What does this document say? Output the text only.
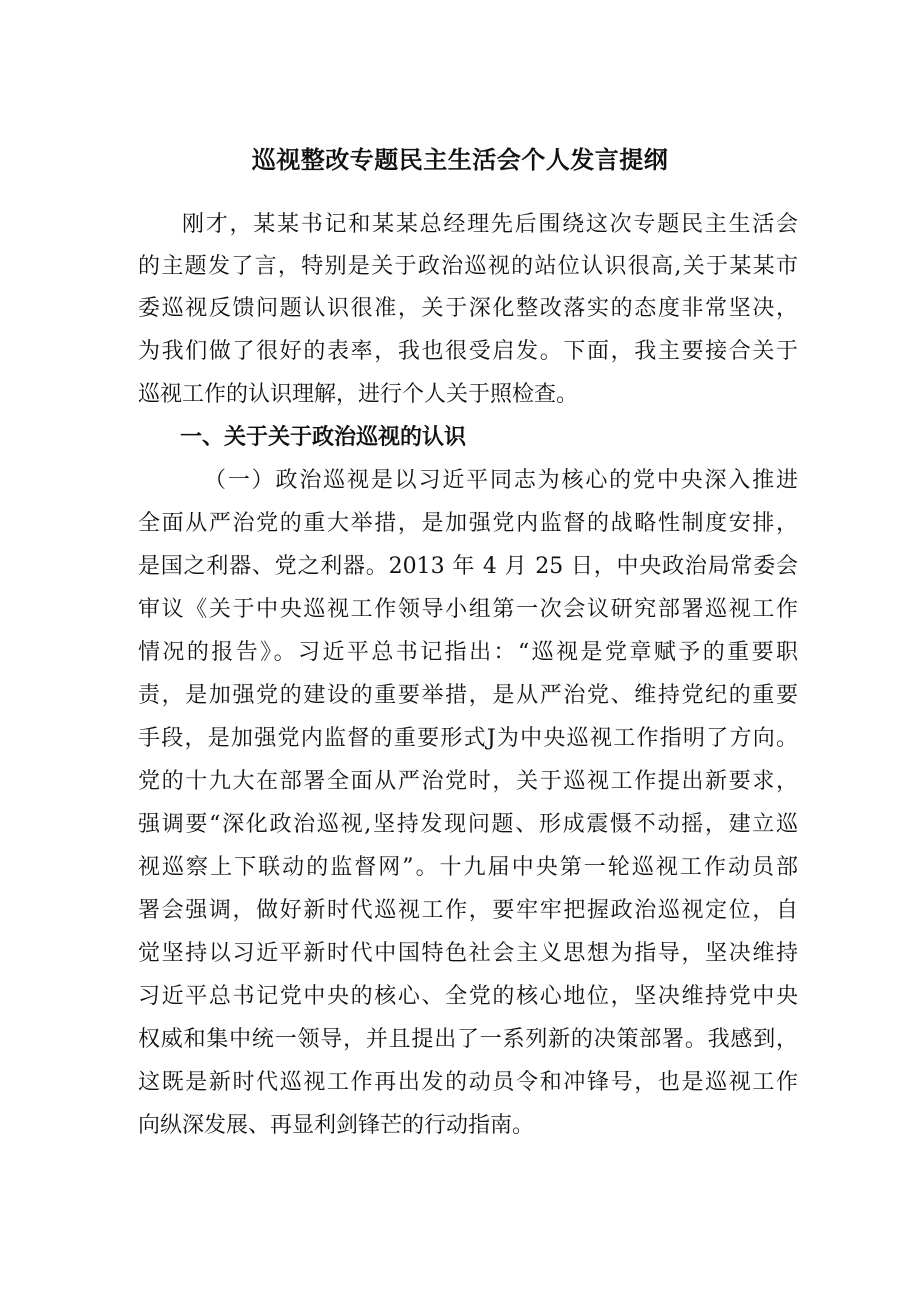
巡视整改专题民主生活会个人发言提纲
刚才，某某书记和某某总经理先后围绕这次专题民主生活会
的主题发了言，特别是关于政治巡视的站位认识很高,关于某某市
委巡视反馈问题认识很准，关于深化整改落实的态度非常坚决，
为我们做了很好的表率，我也很受启发。下面，我主要接合关于
巡视工作的认识理解，进行个人关于照检查。
一、关于关于政治巡视的认识
（一）政治巡视是以习近平同志为核心的党中央深入推进
全面从严治党的重大举措，是加强党内监督的战略性制度安排，
是国之利器、党之利器。2013 年 4 月 25 日，中央政治局常委会
审议《关于中央巡视工作领导小组第一次会议研究部署巡视工作
情况的报告》。习近平总书记指出：“巡视是党章赋予的重要职
责，是加强党的建设的重要举措，是从严治党、维持党纪的重要
手段，是加强党内监督的重要形式J为中央巡视工作指明了方向。
党的十九大在部署全面从严治党时，关于巡视工作提出新要求，
强调要“深化政治巡视,坚持发现问题、形成震慑不动摇，建立巡
视巡察上下联动的监督网”。十九届中央第一轮巡视工作动员部
署会强调，做好新时代巡视工作，要牢牢把握政治巡视定位，自
觉坚持以习近平新时代中国特色社会主义思想为指导，坚决维持
习近平总书记党中央的核心、全党的核心地位，坚决维持党中央
权威和集中统一领导，并且提出了一系列新的决策部署。我感到，
这既是新时代巡视工作再出发的动员令和冲锋号，也是巡视工作
向纵深发展、再显利剑锋芒的行动指南。
